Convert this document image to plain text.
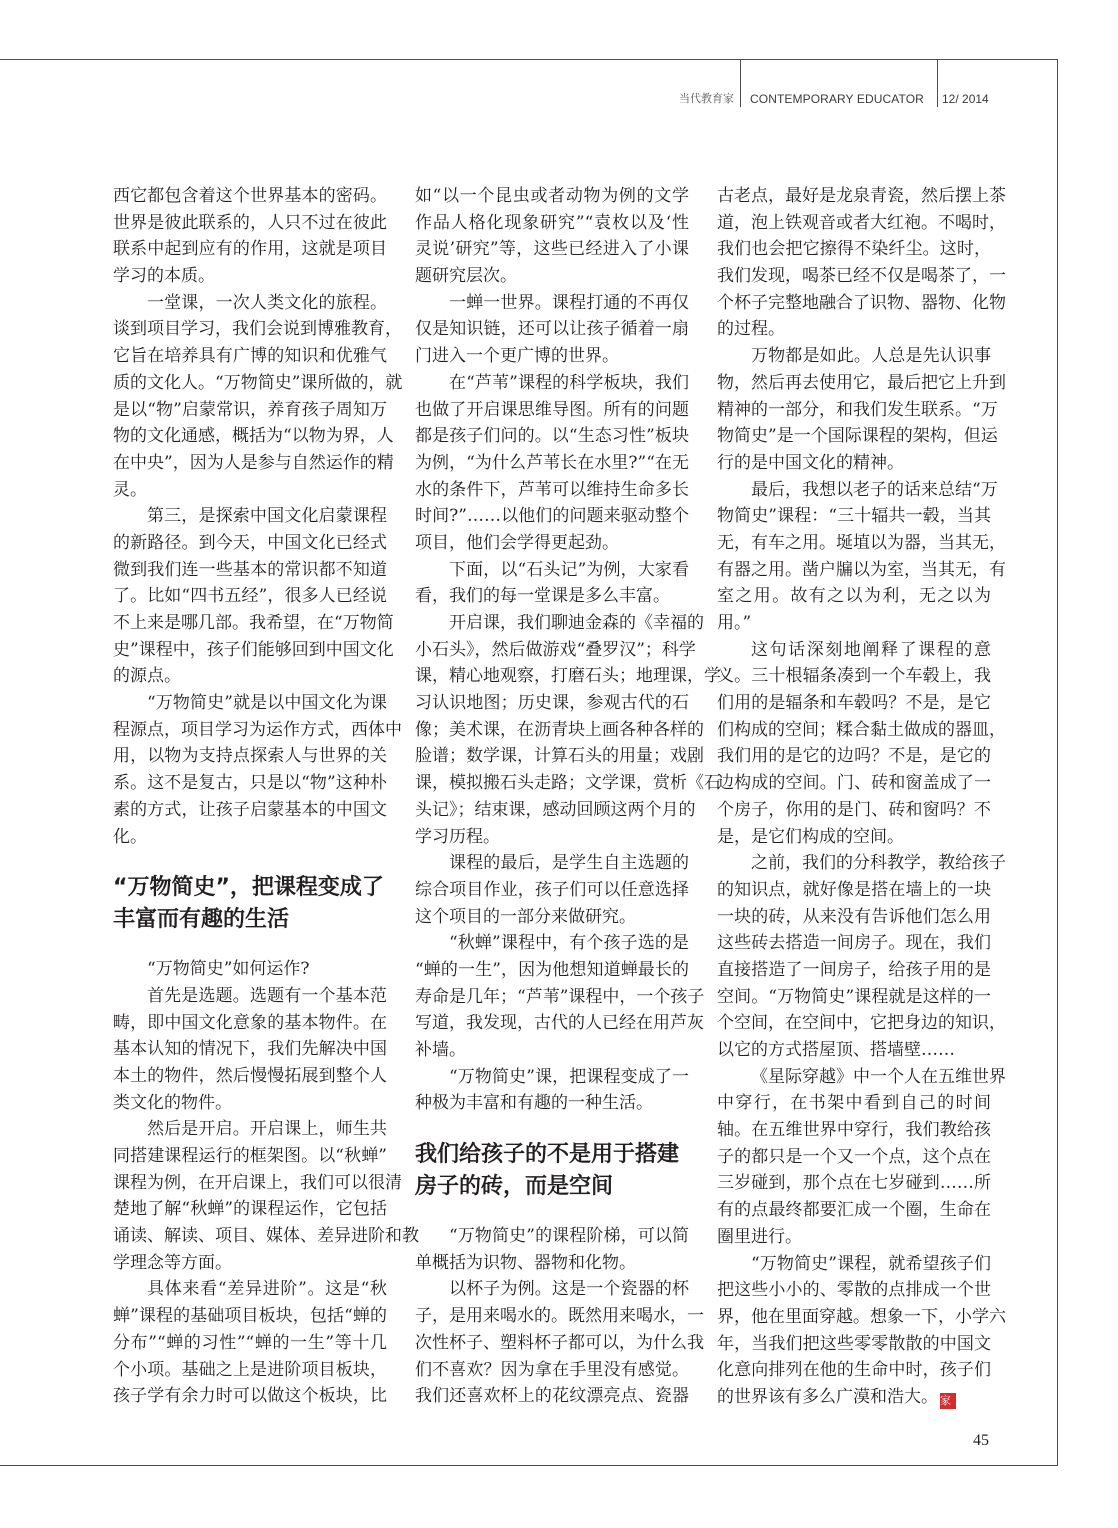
当代教育家 CONTEMPORARY EDUCATOR 12/ 2014
西它都包含着这个世界基本的密码。
世界是彼此联系的，人只不过在彼此
联系中起到应有的作用，这就是项目
学习的本质。
一堂课，一次人类文化的旅程。
谈到项目学习，我们会说到博雅教育，
它旨在培养具有广博的知识和优雅气
质的文化人。“万物简史”课所做的，就
是以“物”启蒙常识，养育孩子周知万
物的文化通感，概括为“以物为界，人
在中央”，因为人是参与自然运作的精
灵。
第三，是探索中国文化启蒙课程
的新路径。到今天，中国文化已经式
微到我们连一些基本的常识都不知道
了。比如“四书五经”，很多人已经说
不上来是哪几部。我希望，在“万物简
史”课程中，孩子们能够回到中国文化
的源点。
“万物简史”就是以中国文化为课
程源点，项目学习为运作方式，西体中
用，以物为支持点探索人与世界的关
系。这不是复古，只是以“物”这种朴
素的方式，让孩子启蒙基本的中国文
化。
“万物简史”，把课程变成了
丰富而有趣的生活
“万物简史”如何运作?
首先是选题。选题有一个基本范
畴，即中国文化意象的基本物件。在
基本认知的情况下，我们先解决中国
本土的物件，然后慢慢拓展到整个人
类文化的物件。
然后是开启。开启课上，师生共
同搭建课程运行的框架图。以“秋蝉”
课程为例，在开启课上，我们可以很清
楚地了解“秋蝉”的课程运作，它包括
诵读、解读、项目、媒体、差异进阶和教
学理念等方面。
具体来看“差异进阶”。这是“秋
蝉”课程的基础项目板块，包括“蝉的
分布”“蝉的习性”“蝉的一生”等十几
个小项。基础之上是进阶项目板块，
孩子学有余力时可以做这个板块，比
如“以一个昆虫或者动物为例的文学
作品人格化现象研究”“袁枚以及‘性
灵说’研究”等，这些已经进入了小课
题研究层次。
一蝉一世界。课程打通的不再仅
仅是知识链，还可以让孩子循着一扇
门进入一个更广博的世界。
在“芦苇”课程的科学板块，我们
也做了开启课思维导图。所有的问题
都是孩子们问的。以“生态习性”板块
为例，“为什么芦苇长在水里?”“在无
水的条件下，芦苇可以维持生命多长
时间?”……以他们的问题来驱动整个
项目，他们会学得更起劲。
下面，以“石头记”为例，大家看
看，我们的每一堂课是多么丰富。
开启课，我们聊迪金森的《幸福的
小石头》，然后做游戏“叠罗汉”；科学
课，精心地观察，打磨石头；地理课，学
习认识地图；历史课，参观古代的石
像；美术课，在沥青块上画各种各样的
脸谱；数学课，计算石头的用量；戏剧
课，模拟搬石头走路；文学课，赏析《石
头记》；结束课，感动回顾这两个月的
学习历程。
课程的最后，是学生自主选题的
综合项目作业，孩子们可以任意选择
这个项目的一部分来做研究。
“秋蝉”课程中，有个孩子选的是
“蝉的一生”，因为他想知道蝉最长的
寿命是几年；“芦苇”课程中，一个孩子
写道，我发现，古代的人已经在用芦灰
补墙。
“万物简史”课，把课程变成了一
种极为丰富和有趣的一种生活。
我们给孩子的不是用于搭建
房子的砖，而是空间
“万物简史”的课程阶梯，可以简
单概括为识物、器物和化物。
以杯子为例。这是一个瓷器的杯
子，是用来喝水的。既然用来喝水，一
次性杯子、塑料杯子都可以，为什么我
们不喜欢？因为拿在手里没有感觉。
我们还喜欢杯上的花纹漂亮点、瓷器
古老点，最好是龙泉青瓷，然后摆上茶
道，泡上铁观音或者大红袍。不喝时，
我们也会把它擦得不染纤尘。这时，
我们发现，喝茶已经不仅是喝茶了，一
个杯子完整地融合了识物、器物、化物
的过程。
万物都是如此。人总是先认识事
物，然后再去使用它，最后把它上升到
精神的一部分，和我们发生联系。“万
物简史”是一个国际课程的架构，但运
行的是中国文化的精神。
最后，我想以老子的话来总结“万
物简史”课程：“三十辐共一毂，当其
无，有车之用。埏埴以为器，当其无，
有器之用。凿户牖以为室，当其无，有
室之用。故有之以为利，无之以为
用。”
这句话深刻地阐释了课程的意
义。三十根辐条凑到一个车毂上，我
们用的是辐条和车毂吗？不是，是它
们构成的空间；糅合黏土做成的器皿，
我们用的是它的边吗？不是，是它的
边构成的空间。门、砖和窗盖成了一
个房子，你用的是门、砖和窗吗？不
是，是它们构成的空间。
之前，我们的分科教学，教给孩子
的知识点，就好像是搭在墙上的一块
一块的砖，从来没有告诉他们怎么用
这些砖去搭造一间房子。现在，我们
直接搭造了一间房子，给孩子用的是
空间。“万物简史”课程就是这样的一
个空间，在空间中，它把身边的知识，
以它的方式搭屋顶、搭墙壁……
《星际穿越》中一个人在五维世界
中穿行，在书架中看到自己的时间
轴。在五维世界中穿行，我们教给孩
子的都只是一个又一个点，这个点在
三岁碰到，那个点在七岁碰到……所
有的点最终都要汇成一个圈，生命在
圈里进行。
“万物简史”课程，就希望孩子们
把这些小小的、零散的点排成一个世
界，他在里面穿越。想象一下，小学六
年，当我们把这些零零散散的中国文
化意向排列在他的生命中时，孩子们
的世界该有多么广漠和浩大。 家
45
